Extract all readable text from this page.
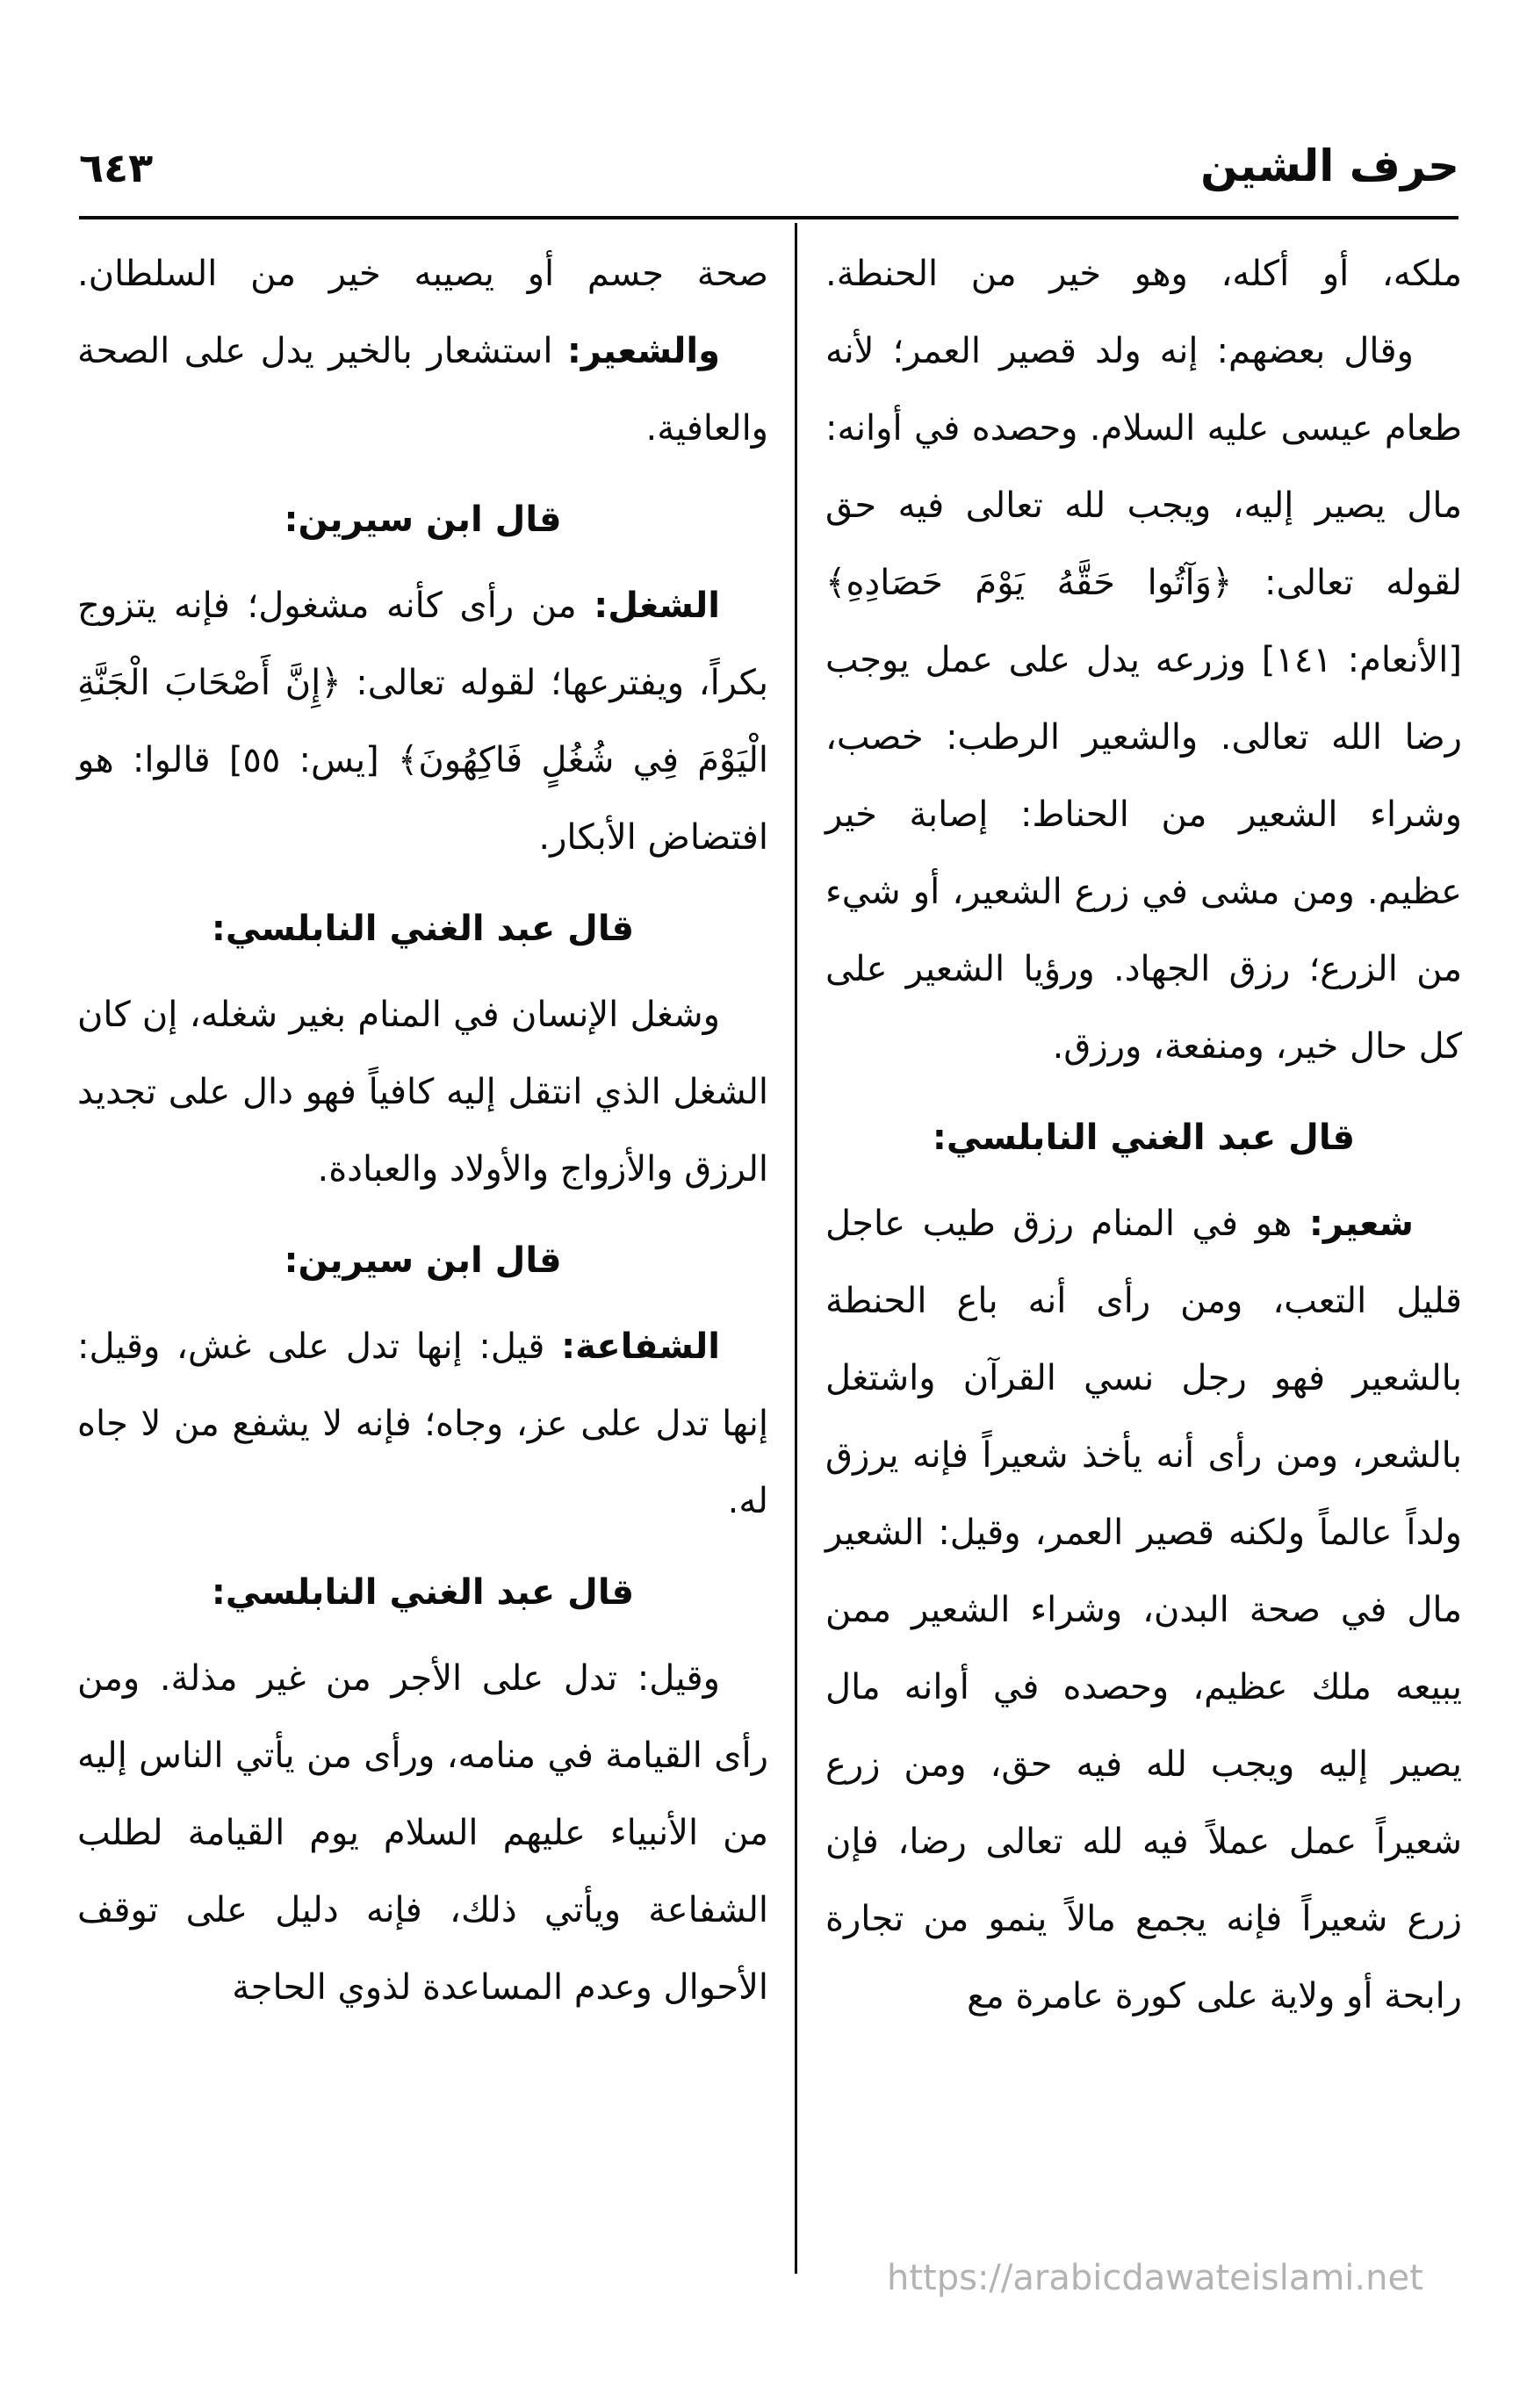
حرف الشين
٦٤٣

ملكه، أو أكله، وهو خير من الحنطة.

وقال بعضهم: إنه ولد قصير العمر؛ لأنه طعام عيسى عليه السلام. وحصده في أوانه: مال يصير إليه، ويجب لله تعالى فيه حق لقوله تعالى: ﴿وَآتُوا حَقَّهُ يَوْمَ حَصَادِهِ﴾ [الأنعام: ١٤١] وزرعه يدل على عمل يوجب رضا الله تعالى. والشعير الرطب: خصب، وشراء الشعير من الحناط: إصابة خير عظيم. ومن مشى في زرع الشعير، أو شيء من الزرع؛ رزق الجهاد. ورؤيا الشعير على كل حال خير، ومنفعة، ورزق.

قال عبد الغني النابلسي:

شعير: هو في المنام رزق طيب عاجل قليل التعب، ومن رأى أنه باع الحنطة بالشعير فهو رجل نسي القرآن واشتغل بالشعر، ومن رأى أنه يأخذ شعيراً فإنه يرزق ولداً عالماً ولكنه قصير العمر، وقيل: الشعير مال في صحة البدن، وشراء الشعير ممن يبيعه ملك عظيم، وحصده في أوانه مال يصير إليه ويجب لله فيه حق، ومن زرع شعيراً عمل عملاً فيه لله تعالى رضا، فإن زرع شعيراً فإنه يجمع مالاً ينمو من تجارة رابحة أو ولاية على كورة عامرة مع

صحة جسم أو يصيبه خير من السلطان.

والشعير: استشعار بالخير يدل على الصحة والعافية.

قال ابن سيرين:

الشغل: من رأى كأنه مشغول؛ فإنه يتزوج بكراً، ويفترعها؛ لقوله تعالى: ﴿إِنَّ أَصْحَابَ الْجَنَّةِ الْيَوْمَ فِي شُغُلٍ فَاكِهُونَ﴾ [يس: ٥٥] قالوا: هو افتضاض الأبكار.

قال عبد الغني النابلسي:

وشغل الإنسان في المنام بغير شغله، إن كان الشغل الذي انتقل إليه كافياً فهو دال على تجديد الرزق والأزواج والأولاد والعبادة.

قال ابن سيرين:

الشفاعة: قيل: إنها تدل على غش، وقيل: إنها تدل على عز، وجاه؛ فإنه لا يشفع من لا جاه له.

قال عبد الغني النابلسي:

وقيل: تدل على الأجر من غير مذلة. ومن رأى القيامة في منامه، ورأى من يأتي الناس إليه من الأنبياء عليهم السلام يوم القيامة لطلب الشفاعة ويأتي ذلك، فإنه دليل على توقف الأحوال وعدم المساعدة لذوي الحاجة

https://arabicdawateislami.net
